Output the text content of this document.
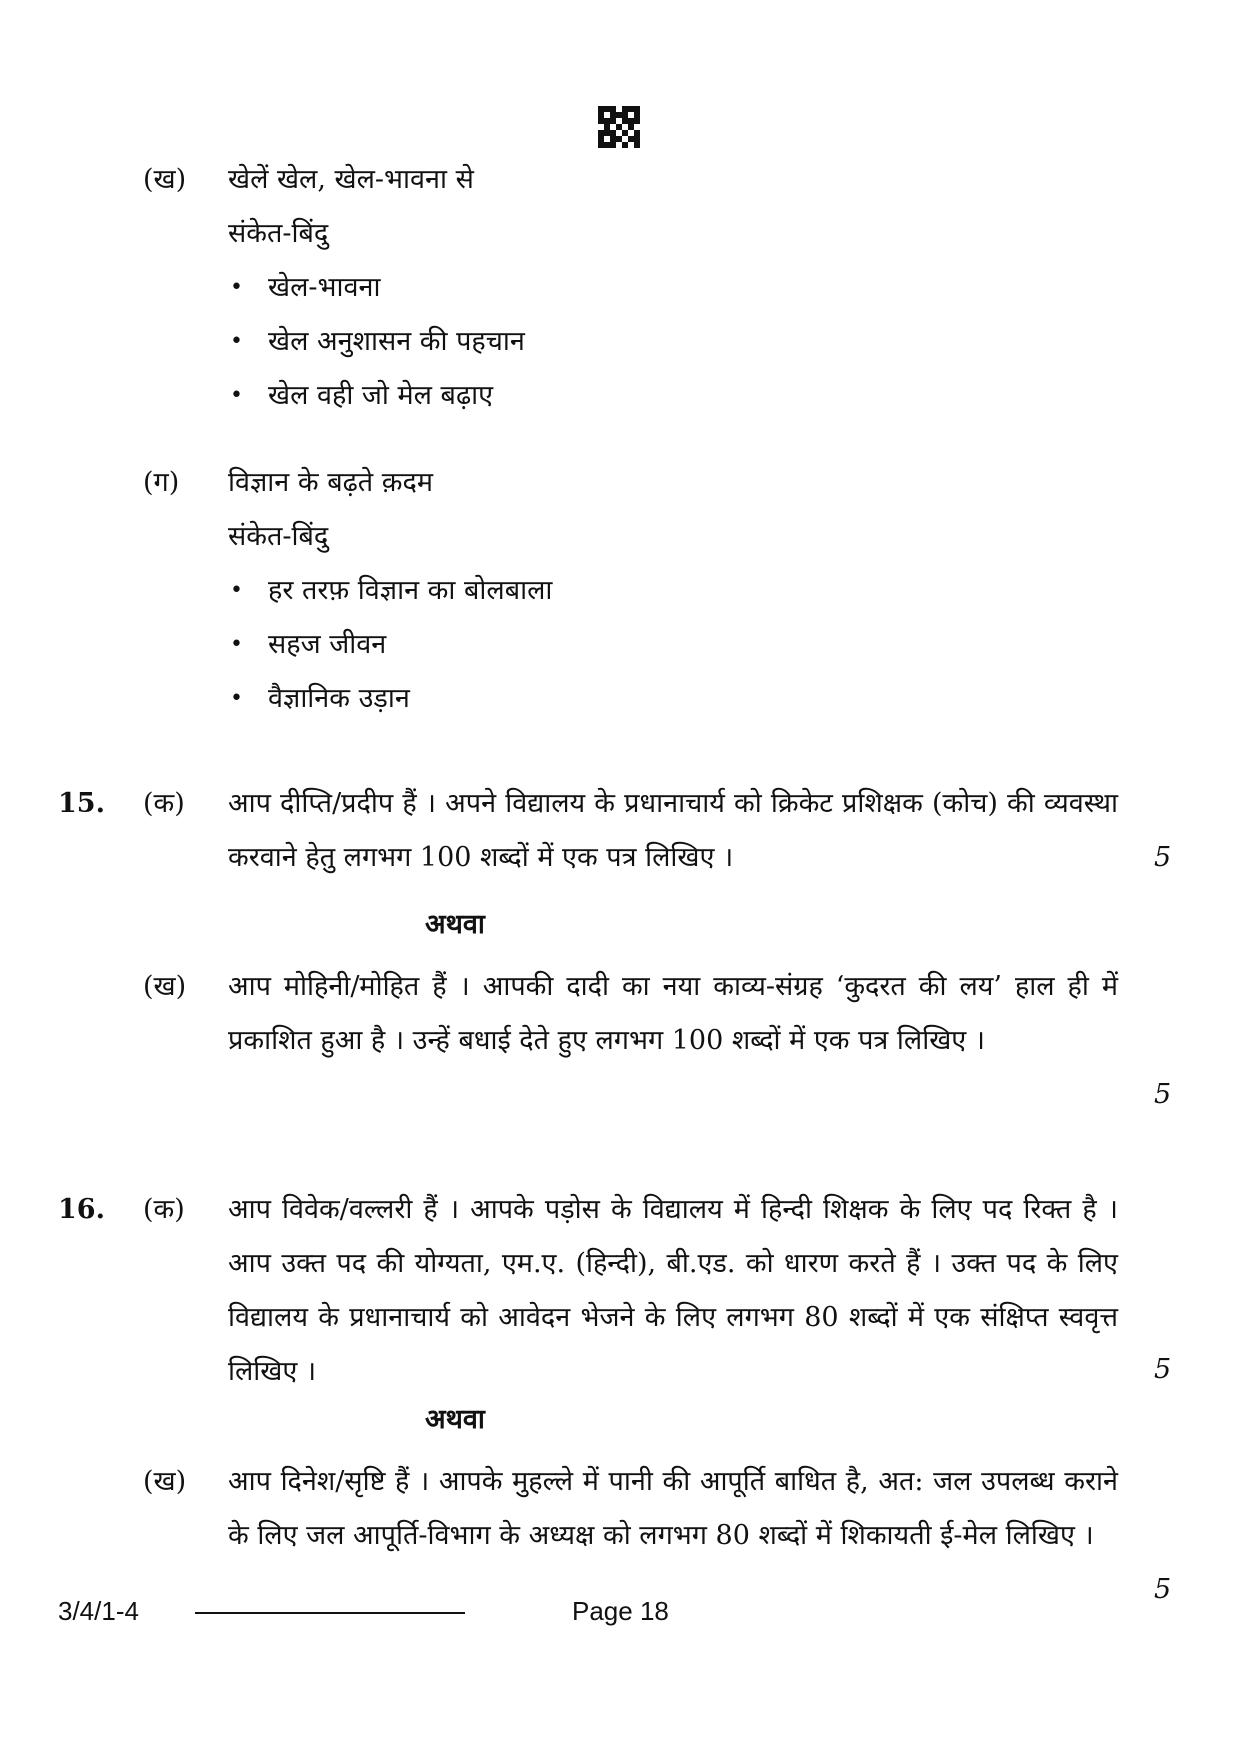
(ख) खेलें खेल, खेल-भावना से
संकेत-बिंदु
• खेल-भावना
• खेल अनुशासन की पहचान
• खेल वही जो मेल बढ़ाए
(ग) विज्ञान के बढ़ते क़दम
संकेत-बिंदु
• हर तरफ़ विज्ञान का बोलबाला
• सहज जीवन
• वैज्ञानिक उड़ान
15. (क) आप दीप्ति/प्रदीप हैं । अपने विद्यालय के प्रधानाचार्य को क्रिकेट प्रशिक्षक (कोच) की व्यवस्था करवाने हेतु लगभग 100 शब्दों में एक पत्र लिखिए ।	5
अथवा
(ख) आप मोहिनी/मोहित हैं । आपकी दादी का नया काव्य-संग्रह ‘कुदरत की लय’ हाल ही में प्रकाशित हुआ है । उन्हें बधाई देते हुए लगभग 100 शब्दों में एक पत्र लिखिए ।
5
16. (क) आप विवेक/वल्लरी हैं । आपके पड़ोस के विद्यालय में हिन्दी शिक्षक के लिए पद रिक्त है । आप उक्त पद की योग्यता, एम.ए. (हिन्दी), बी.एड. को धारण करते हैं । उक्त पद के लिए विद्यालय के प्रधानाचार्य को आवेदन भेजने के लिए लगभग 80 शब्दों में एक संक्षिप्त स्ववृत्त लिखिए ।	5
अथवा
(ख) आप दिनेश/सृष्टि हैं । आपके मुहल्ले में पानी की आपूर्ति बाधित है, अत: जल उपलब्ध कराने के लिए जल आपूर्ति-विभाग के अध्यक्ष को लगभग 80 शब्दों में शिकायती ई-मेल लिखिए ।
5
3/4/1-4	Page 18
